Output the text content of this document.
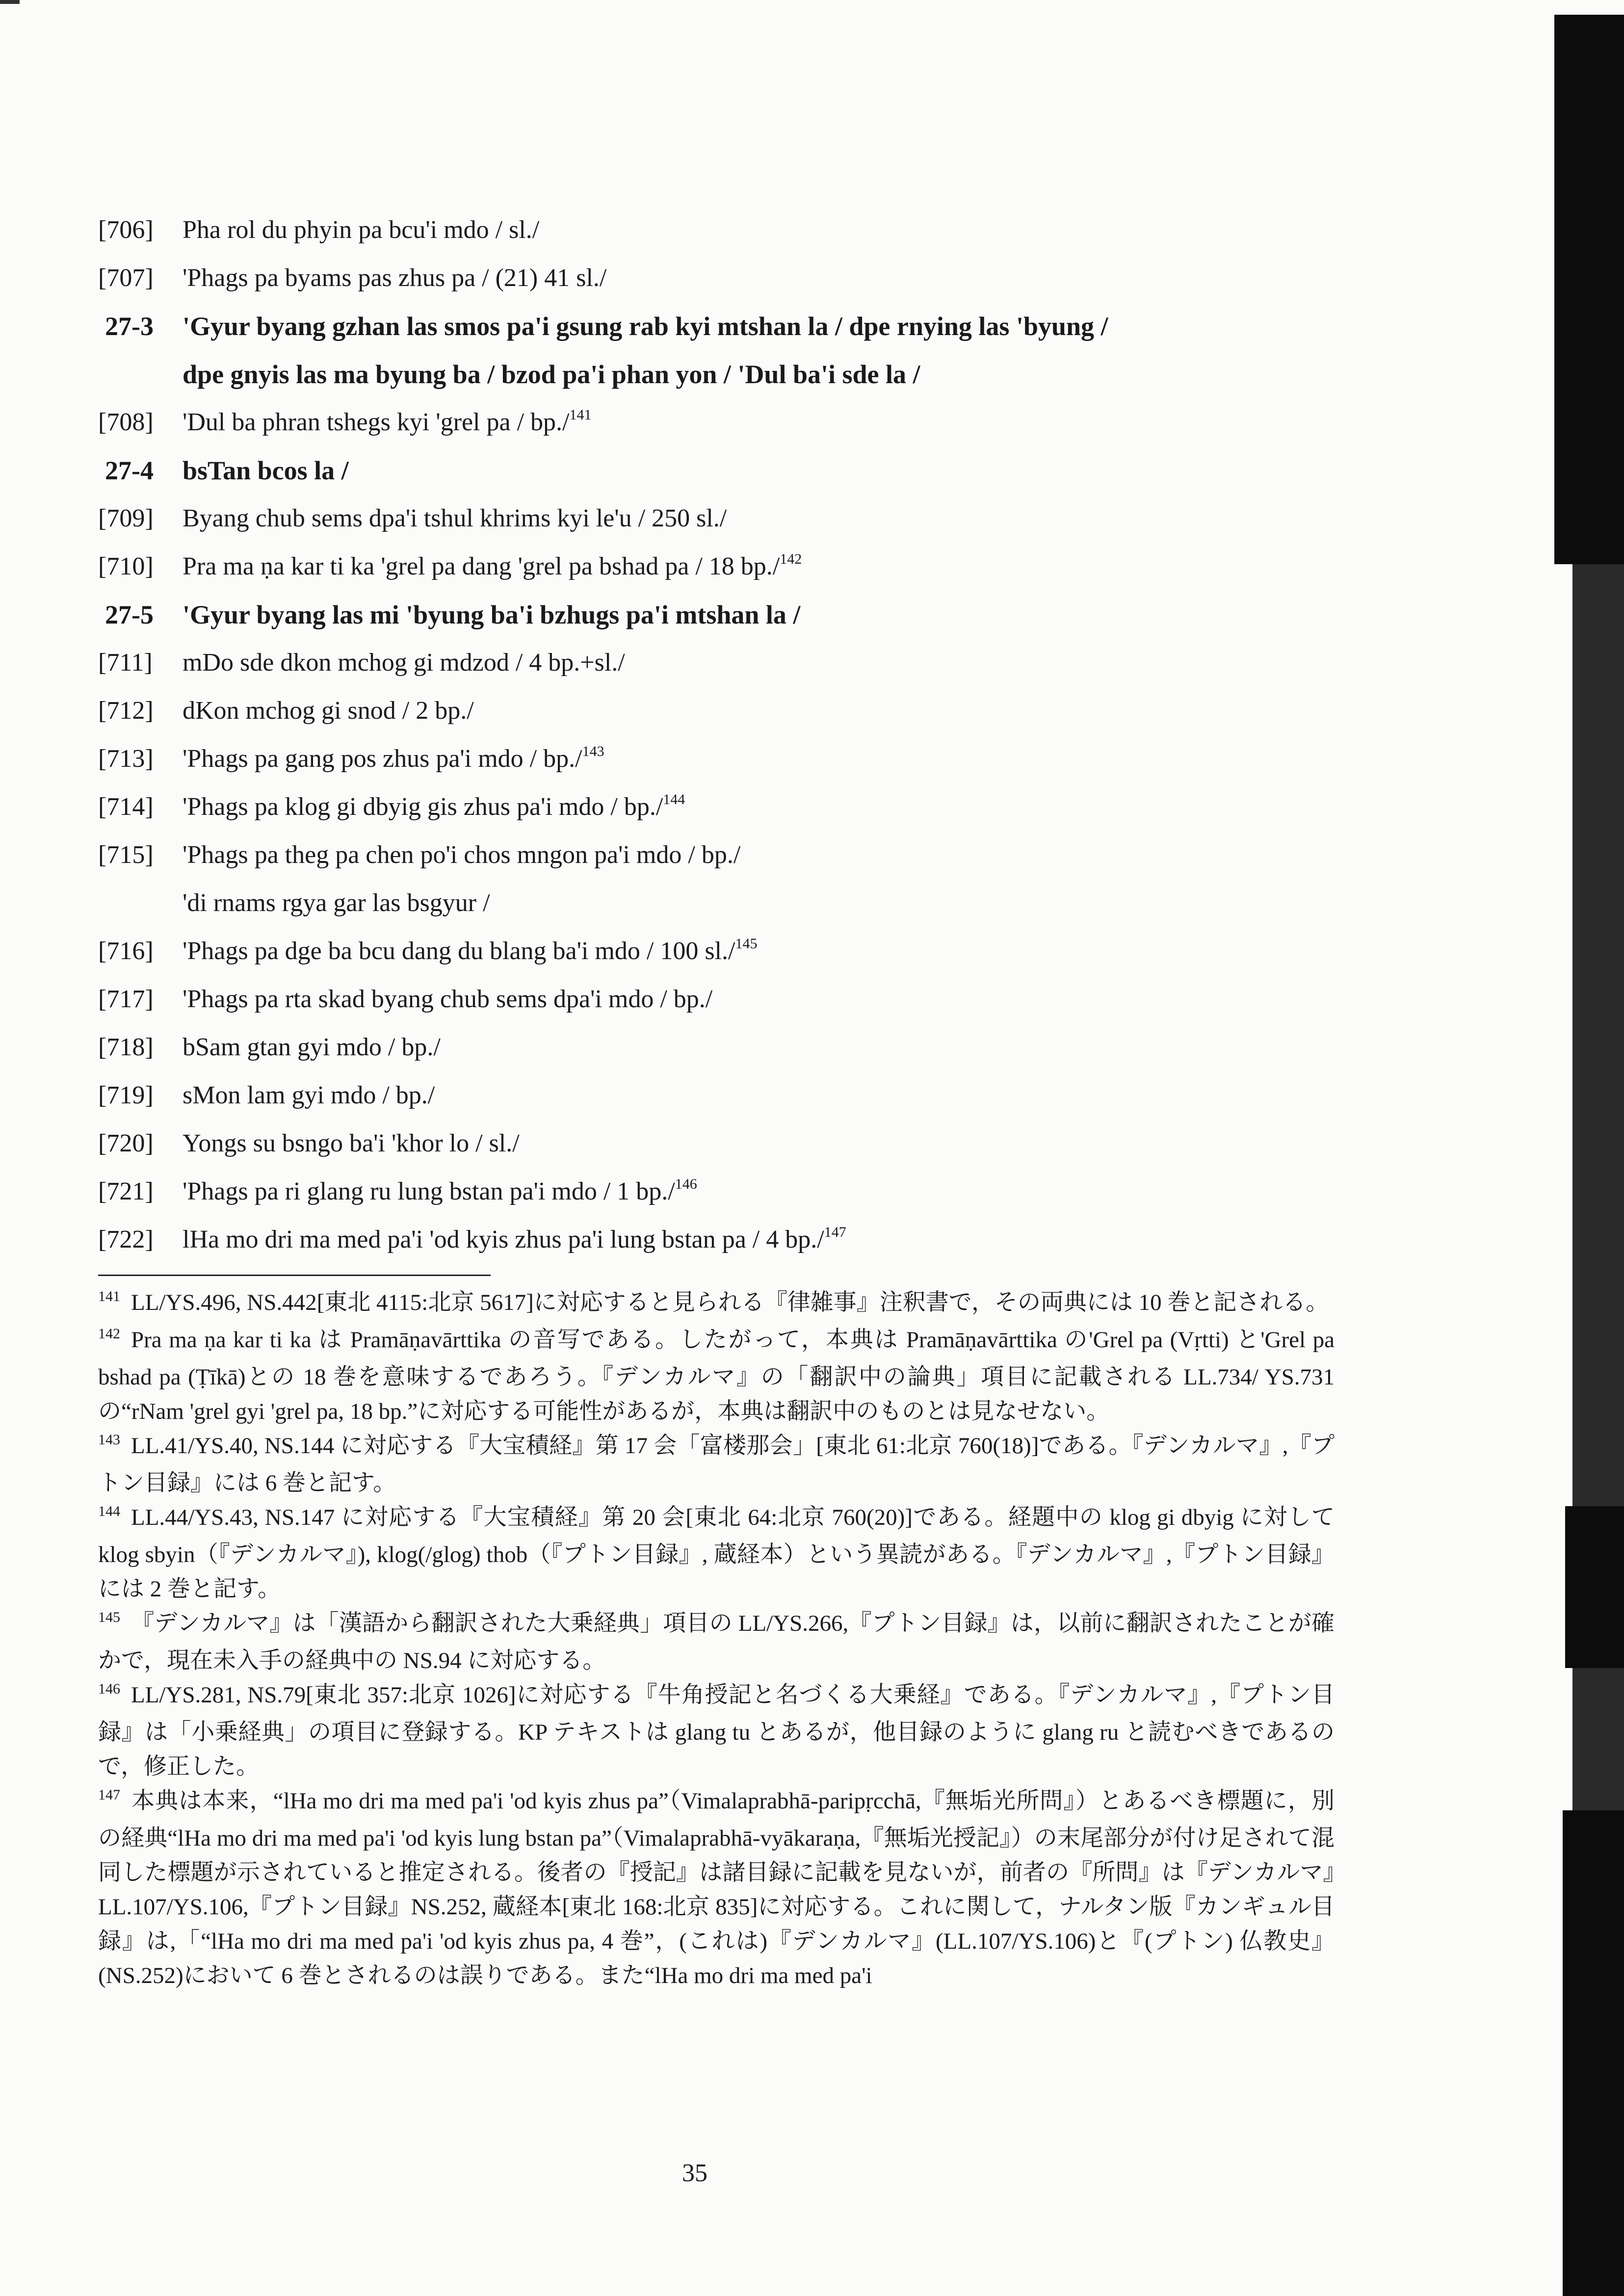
[706] Pha rol du phyin pa bcu'i mdo / sl./
[707] 'Phags pa byams pas zhus pa / (21) 41 sl./
27-3 'Gyur byang gzhan las smos pa'i gsung rab kyi mtshan la / dpe rnying las 'byung /
dpe gnyis las ma byung ba / bzod pa'i phan yon / 'Dul ba'i sde la /
[708] 'Dul ba phran tshegs kyi 'grel pa / bp./$^{141}$
27-4 bsTan bcos la /
[709] Byang chub sems dpa'i tshul khrims kyi le'u / 250 sl./
[710] Pra ma ṇa kar ti ka 'grel pa dang 'grel pa bshad pa / 18 bp./$^{142}$
27-5 'Gyur byang las mi 'byung ba'i bzhugs pa'i mtshan la /
[711] mDo sde dkon mchog gi mdzod / 4 bp.+sl./
[712] dKon mchog gi snod / 2 bp./
[713] 'Phags pa gang pos zhus pa'i mdo / bp./$^{143}$
[714] 'Phags pa klog gi dbyig gis zhus pa'i mdo / bp./$^{144}$
[715] 'Phags pa theg pa chen po'i chos mngon pa'i mdo / bp./
'di rnams rgya gar las bsgyur /
[716] 'Phags pa dge ba bcu dang du blang ba'i mdo / 100 sl./$^{145}$
[717] 'Phags pa rta skad byang chub sems dpa'i mdo / bp./
[718] bSam gtan gyi mdo / bp./
[719] sMon lam gyi mdo / bp./
[720] Yongs su bsngo ba'i 'khor lo / sl./
[721] 'Phags pa ri glang ru lung bstan pa'i mdo / 1 bp./$^{146}$
[722] lHa mo dri ma med pa'i 'od kyis zhus pa'i lung bstan pa / 4 bp./$^{147}$
$^{141}$ LL/YS.496, NS.442[東北 4115:北京 5617]に対応すると見られる『律雑事』注釈書で，その両典には 10 巻と記される。
$^{142}$ Pra ma ṇa kar ti ka は Pramāṇavārttika の音写である。したがって，本典は Pramāṇavārttika の'Grel pa (Vṛtti) と'Grel pa bshad pa (Ṭīkā)との 18 巻を意味するであろう。『デンカルマ』の「翻訳中の論典」項目に記載される LL.734/ YS.731 の“rNam 'grel gyi 'grel pa, 18 bp.”に対応する可能性があるが，本典は翻訳中のものとは見なせない。
$^{143}$ LL.41/YS.40, NS.144 に対応する『大宝積経』第 17 会「富楼那会」[東北 61:北京 760(18)]である。『デンカルマ』,『プトン目録』には 6 巻と記す。
$^{144}$ LL.44/YS.43, NS.147 に対応する『大宝積経』第 20 会[東北 64:北京 760(20)]である。経題中の klog gi dbyig に対して klog sbyin（『デンカルマ』), klog(/glog) thob（『プトン目録』, 蔵経本）という異読がある。『デンカルマ』,『プトン目録』には 2 巻と記す。
$^{145}$ 『デンカルマ』は「漢語から翻訳された大乗経典」項目の LL/YS.266,『プトン目録』は，以前に翻訳されたことが確かで，現在未入手の経典中の NS.94 に対応する。
$^{146}$ LL/YS.281, NS.79[東北 357:北京 1026]に対応する『牛角授記と名づくる大乗経』である。『デンカルマ』,『プトン目録』は「小乗経典」の項目に登録する。KP テキストは glang tu とあるが，他目録のように glang ru と読むべきであるので，修正した。
$^{147}$ 本典は本来，“lHa mo dri ma med pa'i 'od kyis zhus pa”（Vimalaprabhā-paripṛcchā,『無垢光所問』）とあるべき標題に，別の経典“lHa mo dri ma med pa'i 'od kyis lung bstan pa”（Vimalaprabhā-vyākaraṇa,『無垢光授記』）の末尾部分が付け足されて混同した標題が示されていると推定される。後者の『授記』は諸目録に記載を見ないが，前者の『所問』は『デンカルマ』LL.107/YS.106,『プトン目録』NS.252, 蔵経本[東北 168:北京 835]に対応する。これに関して，ナルタン版『カンギュル目録』は,「“lHa mo dri ma med pa'i 'od kyis zhus pa, 4 巻”，(これは)『デンカルマ』(LL.107/YS.106)と『(プトン) 仏教史』(NS.252)において 6 巻とされるのは誤りである。また“lHa mo dri ma med pa'i
35
